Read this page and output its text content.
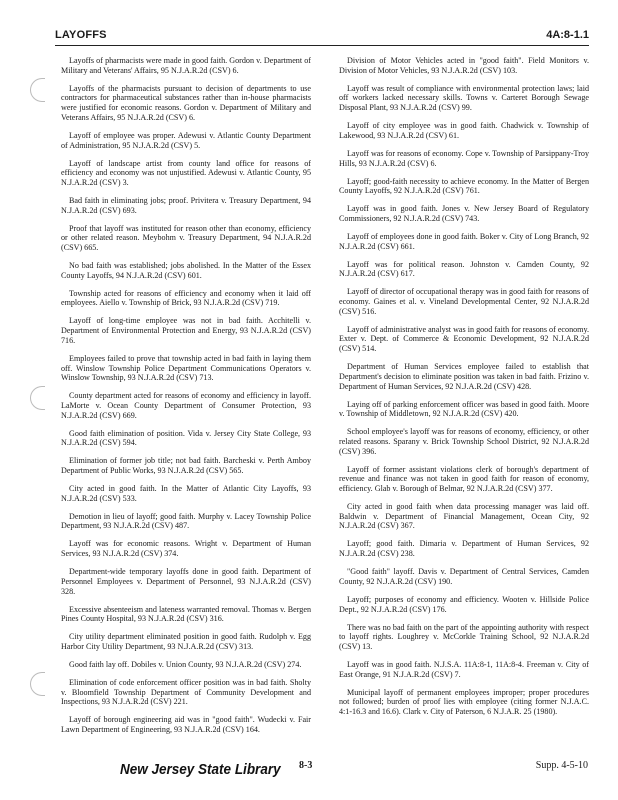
LAYOFFS	4A:8-1.1

Layoffs of pharmacists were made in good faith. Gordon v. Department of Military and Veterans' Affairs, 95 N.J.A.R.2d (CSV) 6.

Layoffs of the pharmacists pursuant to decision of departments to use contractors for pharmaceutical substances rather than in-house pharmacists were justified for economic reasons. Gordon v. Department of Military and Veterans Affairs, 95 N.J.A.R.2d (CSV) 6.

Layoff of employee was proper. Adewusi v. Atlantic County Department of Administration, 95 N.J.A.R.2d (CSV) 5.

Layoff of landscape artist from county land office for reasons of efficiency and economy was not unjustified. Adewusi v. Atlantic County, 95 N.J.A.R.2d (CSV) 3.

Bad faith in eliminating jobs; proof. Privitera v. Treasury Department, 94 N.J.A.R.2d (CSV) 693.

Proof that layoff was instituted for reason other than economy, efficiency or other related reason. Meybohm v. Treasury Department, 94 N.J.A.R.2d (CSV) 665.

No bad faith was established; jobs abolished. In the Matter of the Essex County Layoffs, 94 N.J.A.R.2d (CSV) 601.

Township acted for reasons of efficiency and economy when it laid off employees. Aiello v. Township of Brick, 93 N.J.A.R.2d (CSV) 719.

Layoff of long-time employee was not in bad faith. Acchitelli v. Department of Environmental Protection and Energy, 93 N.J.A.R.2d (CSV) 716.

Employees failed to prove that township acted in bad faith in laying them off. Winslow Township Police Department Communications Operators v. Winslow Township, 93 N.J.A.R.2d (CSV) 713.

County department acted for reasons of economy and efficiency in layoff. LaMorte v. Ocean County Department of Consumer Protection, 93 N.J.A.R.2d (CSV) 669.

Good faith elimination of position. Vida v. Jersey City State College, 93 N.J.A.R.2d (CSV) 594.

Elimination of former job title; not bad faith. Barcheski v. Perth Amboy Department of Public Works, 93 N.J.A.R.2d (CSV) 565.

City acted in good faith. In the Matter of Atlantic City Layoffs, 93 N.J.A.R.2d (CSV) 533.

Demotion in lieu of layoff; good faith. Murphy v. Lacey Township Police Department, 93 N.J.A.R.2d (CSV) 487.

Layoff was for economic reasons. Wright v. Department of Human Services, 93 N.J.A.R.2d (CSV) 374.

Department-wide temporary layoffs done in good faith. Department of Personnel Employees v. Department of Personnel, 93 N.J.A.R.2d (CSV) 328.

Excessive absenteeism and lateness warranted removal. Thomas v. Bergen Pines County Hospital, 93 N.J.A.R.2d (CSV) 316.

City utility department eliminated position in good faith. Rudolph v. Egg Harbor City Utility Department, 93 N.J.A.R.2d (CSV) 313.

Good faith lay off. Dobiles v. Union County, 93 N.J.A.R.2d (CSV) 274.

Elimination of code enforcement officer position was in bad faith. Sholty v. Bloomfield Township Department of Community Development and Inspections, 93 N.J.A.R.2d (CSV) 221.

Layoff of borough engineering aid was in "good faith". Wudecki v. Fair Lawn Department of Engineering, 93 N.J.A.R.2d (CSV) 164.

Division of Motor Vehicles acted in "good faith". Field Monitors v. Division of Motor Vehicles, 93 N.J.A.R.2d (CSV) 103.

Layoff was result of compliance with environmental protection laws; laid off workers lacked necessary skills. Towns v. Carteret Borough Sewage Disposal Plant, 93 N.J.A.R.2d (CSV) 99.

Layoff of city employee was in good faith. Chadwick v. Township of Lakewood, 93 N.J.A.R.2d (CSV) 61.

Layoff was for reasons of economy. Cope v. Township of Parsippany-Troy Hills, 93 N.J.A.R.2d (CSV) 6.

Layoff; good-faith necessity to achieve economy. In the Matter of Bergen County Layoffs, 92 N.J.A.R.2d (CSV) 761.

Layoff was in good faith. Jones v. New Jersey Board of Regulatory Commissioners, 92 N.J.A.R.2d (CSV) 743.

Layoff of employees done in good faith. Boker v. City of Long Branch, 92 N.J.A.R.2d (CSV) 661.

Layoff was for political reason. Johnston v. Camden County, 92 N.J.A.R.2d (CSV) 617.

Layoff of director of occupational therapy was in good faith for reasons of economy. Gaines et al. v. Vineland Developmental Center, 92 N.J.A.R.2d (CSV) 516.

Layoff of administrative analyst was in good faith for reasons of economy. Exter v. Dept. of Commerce & Economic Development, 92 N.J.A.R.2d (CSV) 514.

Department of Human Services employee failed to establish that Department's decision to eliminate position was taken in bad faith. Frizino v. Department of Human Services, 92 N.J.A.R.2d (CSV) 428.

Laying off of parking enforcement officer was based in good faith. Moore v. Township of Middletown, 92 N.J.A.R.2d (CSV) 420.

School employee's layoff was for reasons of economy, efficiency, or other related reasons. Sparany v. Brick Township School District, 92 N.J.A.R.2d (CSV) 396.

Layoff of former assistant violations clerk of borough's department of revenue and finance was not taken in good faith for reason of economy, efficiency. Glab v. Borough of Belmar, 92 N.J.A.R.2d (CSV) 377.

City acted in good faith when data processing manager was laid off. Baldwin v. Department of Financial Management, Ocean City, 92 N.J.A.R.2d (CSV) 367.

Layoff; good faith. Dimaria v. Department of Human Services, 92 N.J.A.R.2d (CSV) 238.

"Good faith" layoff. Davis v. Department of Central Services, Camden County, 92 N.J.A.R.2d (CSV) 190.

Layoff; purposes of economy and efficiency. Wooten v. Hillside Police Dept., 92 N.J.A.R.2d (CSV) 176.

There was no bad faith on the part of the appointing authority with respect to layoff rights. Loughrey v. McCorkle Training School, 92 N.J.A.R.2d (CSV) 13.

Layoff was in good faith. N.J.S.A. 11A:8-1, 11A:8-4. Freeman v. City of East Orange, 91 N.J.A.R.2d (CSV) 7.

Municipal layoff of permanent employees improper; proper procedures not followed; burden of proof lies with employee (citing former N.J.A.C. 4:1-16.3 and 16.6). Clark v. City of Paterson, 6 N.J.A.R. 25 (1980).

New Jersey State Library 8-3	Supp. 4-5-10
